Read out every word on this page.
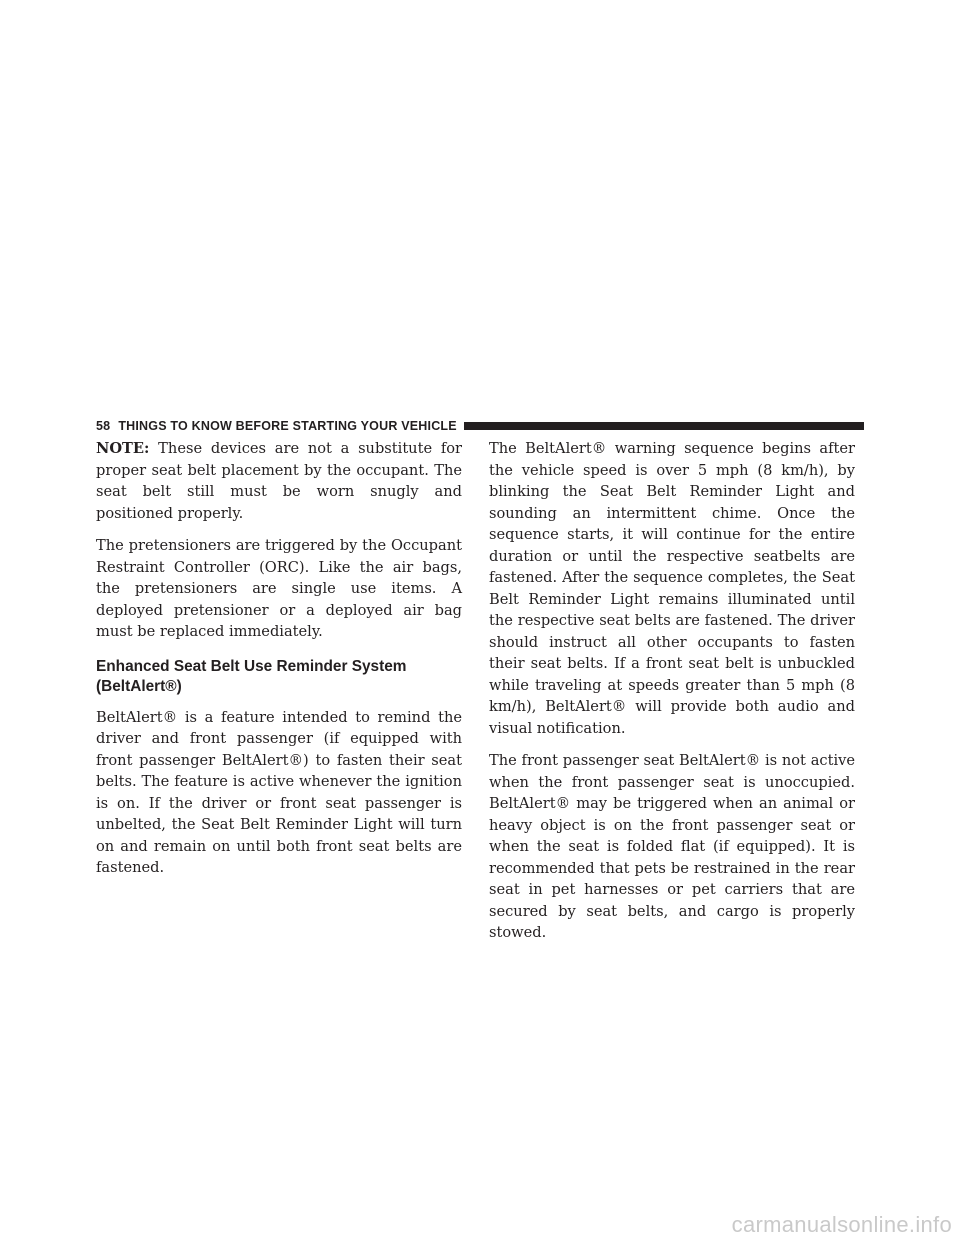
58 THINGS TO KNOW BEFORE STARTING YOUR VEHICLE

NOTE: These devices are not a substitute for proper seat belt placement by the occupant. The seat belt still must be worn snugly and positioned properly.

The pretensioners are triggered by the Occupant Restraint Controller (ORC). Like the air bags, the pretensioners are single use items. A deployed pretensioner or a deployed air bag must be replaced immediately.

Enhanced Seat Belt Use Reminder System (BeltAlert®)

BeltAlert® is a feature intended to remind the driver and front passenger (if equipped with front passenger BeltAlert®) to fasten their seat belts. The feature is active whenever the ignition is on. If the driver or front seat passenger is unbelted, the Seat Belt Reminder Light will turn on and remain on until both front seat belts are fastened.

The BeltAlert® warning sequence begins after the vehicle speed is over 5 mph (8 km/h), by blinking the Seat Belt Reminder Light and sounding an intermittent chime. Once the sequence starts, it will continue for the entire duration or until the respective seatbelts are fastened. After the sequence completes, the Seat Belt Reminder Light remains illuminated until the respective seat belts are fastened. The driver should instruct all other occupants to fasten their seat belts. If a front seat belt is unbuckled while traveling at speeds greater than 5 mph (8 km/h), BeltAlert® will provide both audio and visual notification.

The front passenger seat BeltAlert® is not active when the front passenger seat is unoccupied. BeltAlert® may be triggered when an animal or heavy object is on the front passenger seat or when the seat is folded flat (if equipped). It is recommended that pets be restrained in the rear seat in pet harnesses or pet carriers that are secured by seat belts, and cargo is properly stowed.

carmanualsonline.info
